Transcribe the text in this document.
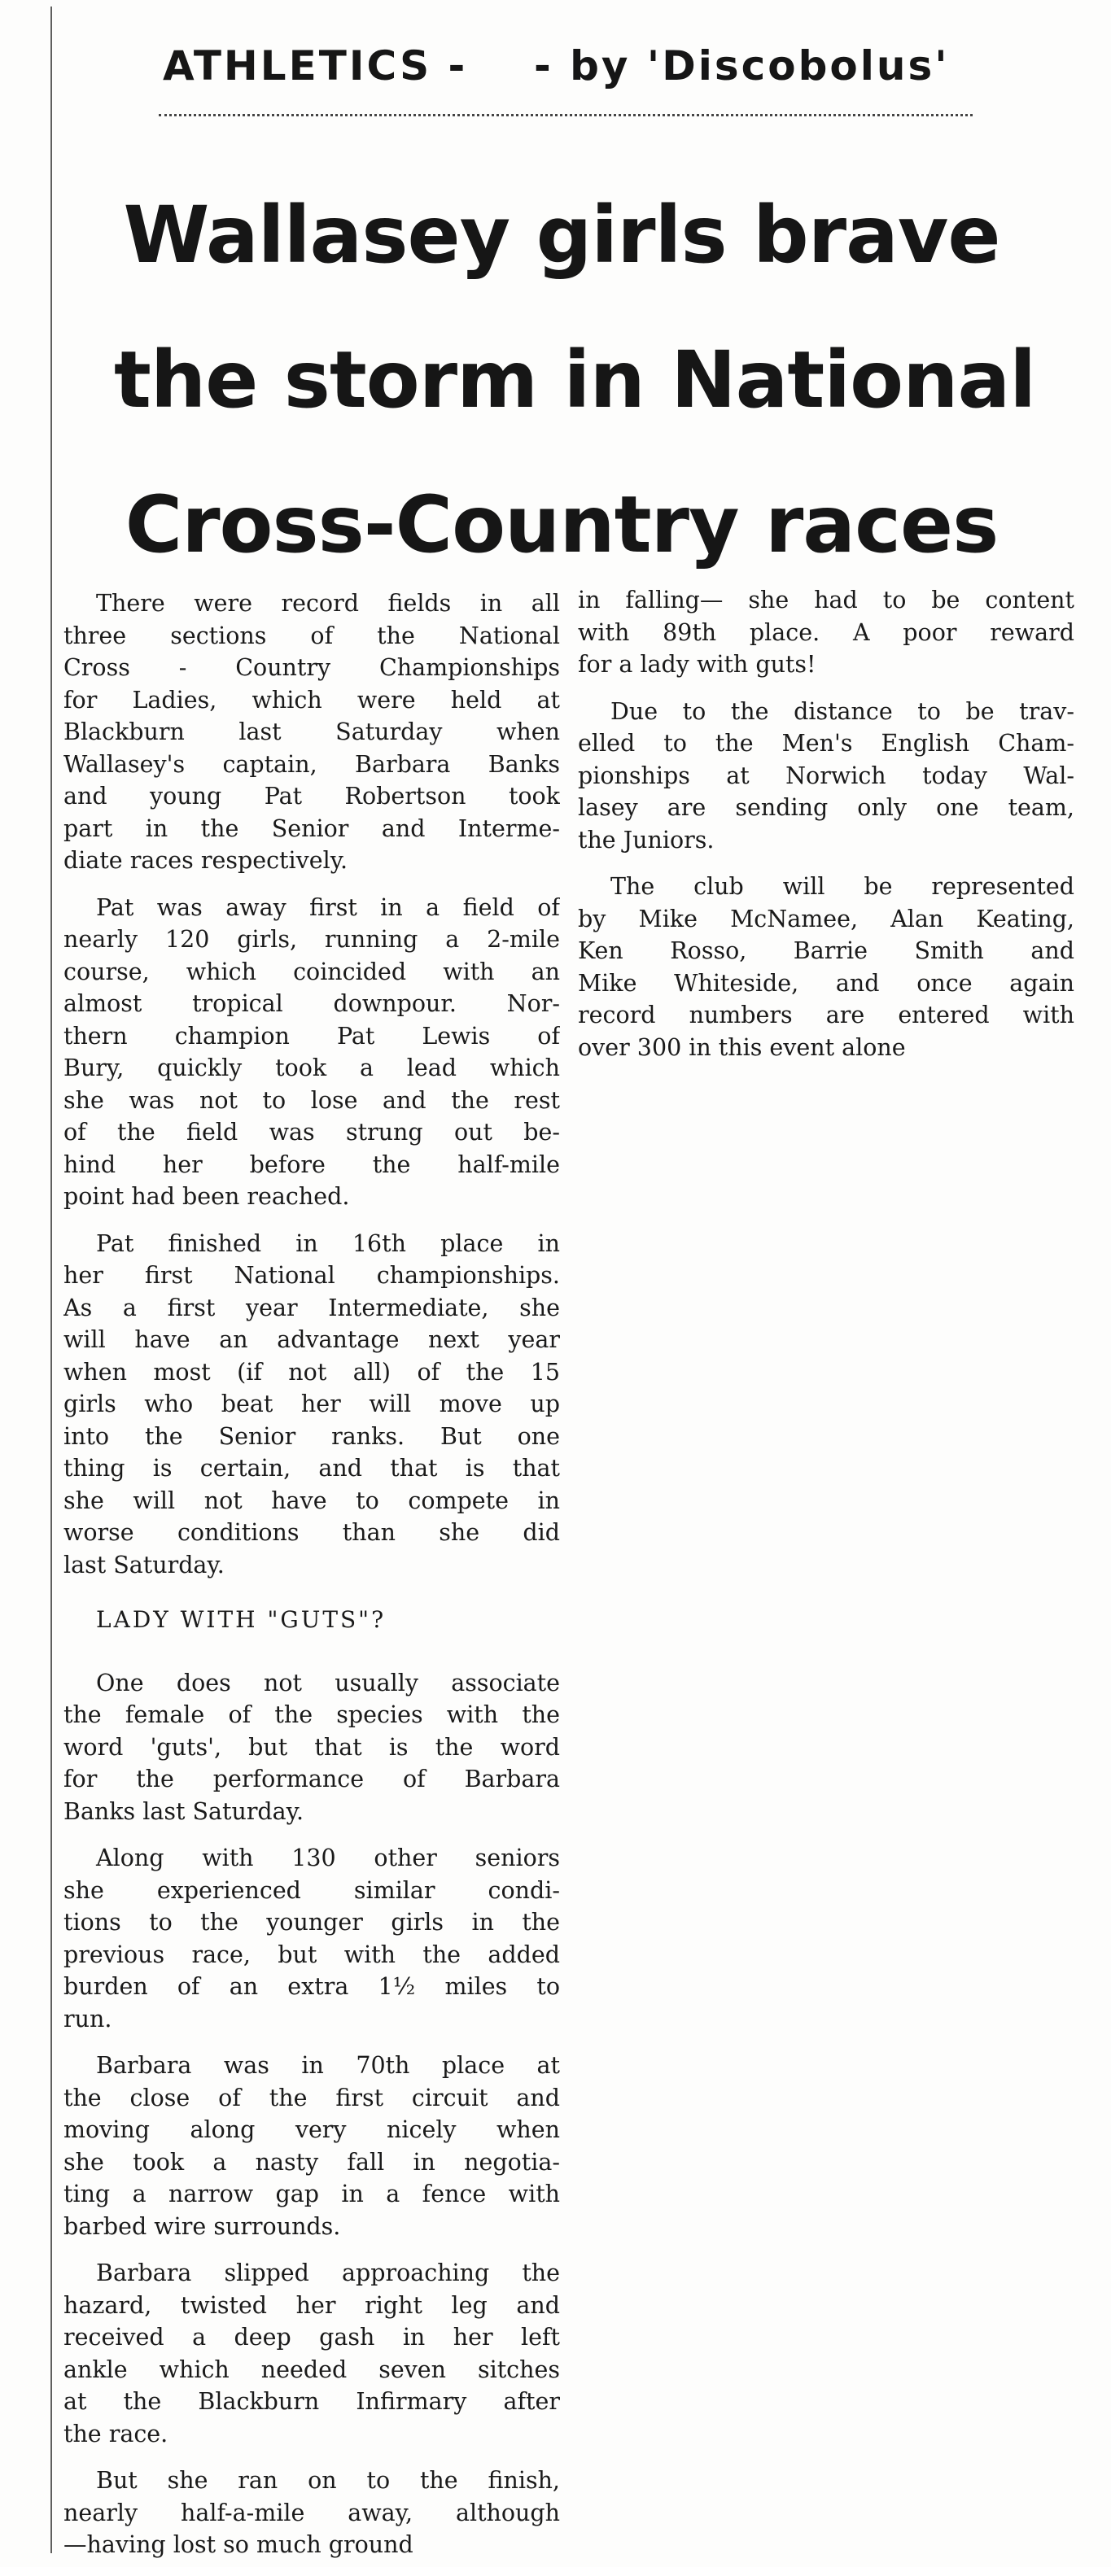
ATHLETICS - - by 'Discobolus'
Wallasey girls brave
the storm in National
Cross-Country races
There were record fields in all
three sections of the National
Cross - Country Championships
for Ladies, which were held at
Blackburn last Saturday when
Wallasey's captain, Barbara Banks
and young Pat Robertson took
part in the Senior and Interme-
diate races respectively.
Pat was away first in a field of
nearly 120 girls, running a 2-mile
course, which coincided with an
almost tropical downpour. Nor-
thern champion Pat Lewis of
Bury, quickly took a lead which
she was not to lose and the rest
of the field was strung out be-
hind her before the half-mile
point had been reached.
Pat finished in 16th place in
her first National championships.
As a first year Intermediate, she
will have an advantage next year
when most (if not all) of the 15
girls who beat her will move up
into the Senior ranks. But one
thing is certain, and that is that
she will not have to compete in
worse conditions than she did
last Saturday.
LADY WITH "GUTS"?
One does not usually associate
the female of the species with the
word 'guts', but that is the word
for the performance of Barbara
Banks last Saturday.
Along with 130 other seniors
she experienced similar condi-
tions to the younger girls in the
previous race, but with the added
burden of an extra 1½ miles to
run.
Barbara was in 70th place at
the close of the first circuit and
moving along very nicely when
she took a nasty fall in negotia-
ting a narrow gap in a fence with
barbed wire surrounds.
Barbara slipped approaching the
hazard, twisted her right leg and
received a deep gash in her left
ankle which needed seven sitches
at the Blackburn Infirmary after
the race.
But she ran on to the finish,
nearly half-a-mile away, although
—having lost so much ground
in falling— she had to be content
with 89th place. A poor reward
for a lady with guts!
Due to the distance to be trav-
elled to the Men's English Cham-
pionships at Norwich today Wal-
lasey are sending only one team,
the Juniors.
The club will be represented
by Mike McNamee, Alan Keating,
Ken Rosso, Barrie Smith and
Mike Whiteside, and once again
record numbers are entered with
over 300 in this event alone
